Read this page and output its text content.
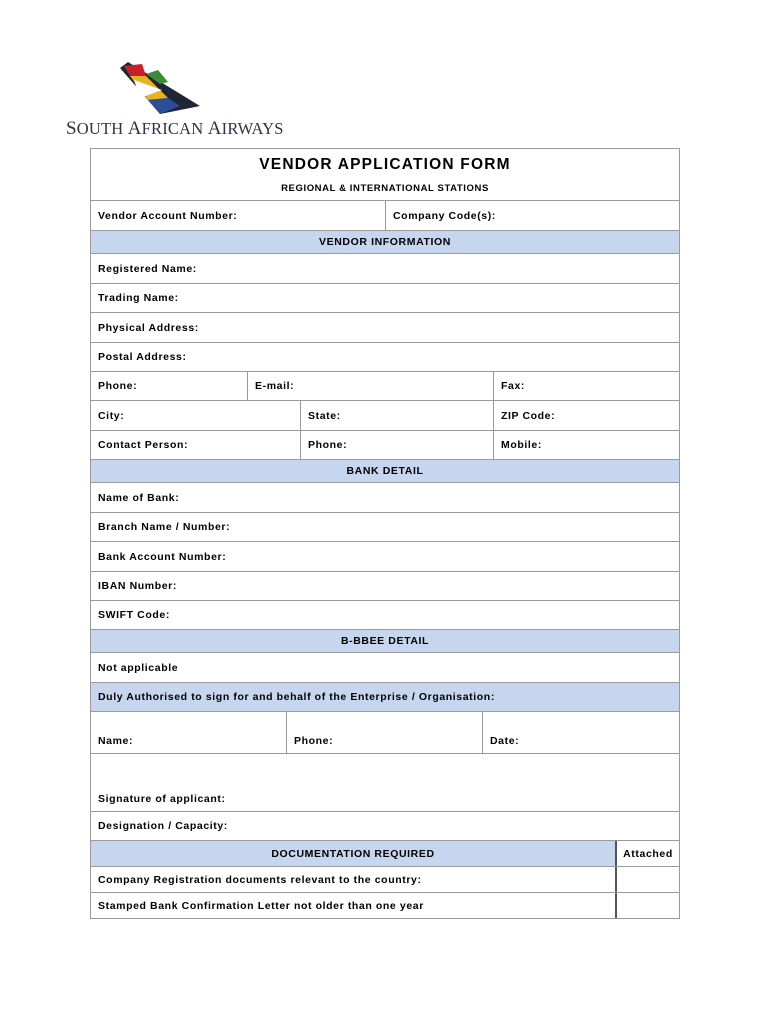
SOUTH AFRICAN AIRWAYS
VENDOR APPLICATION FORM
REGIONAL & INTERNATIONAL STATIONS
Vendor Account Number:	Company Code(s):
VENDOR INFORMATION
Registered Name:
Trading Name:
Physical Address:
Postal Address:
Phone:	E-mail:	Fax:
City:	State:	ZIP Code:
Contact Person:	Phone:	Mobile:
BANK DETAIL
Name of Bank:
Branch Name / Number:
Bank Account Number:
IBAN Number:
SWIFT Code:
B-BBEE DETAIL
Not applicable
Duly Authorised to sign for and behalf of the Enterprise / Organisation:
Name:	Phone:	Date:
Signature of applicant:
Designation / Capacity:
DOCUMENTATION REQUIRED	Attached
Company Registration documents relevant to the country:
Stamped Bank Confirmation Letter not older than one year
